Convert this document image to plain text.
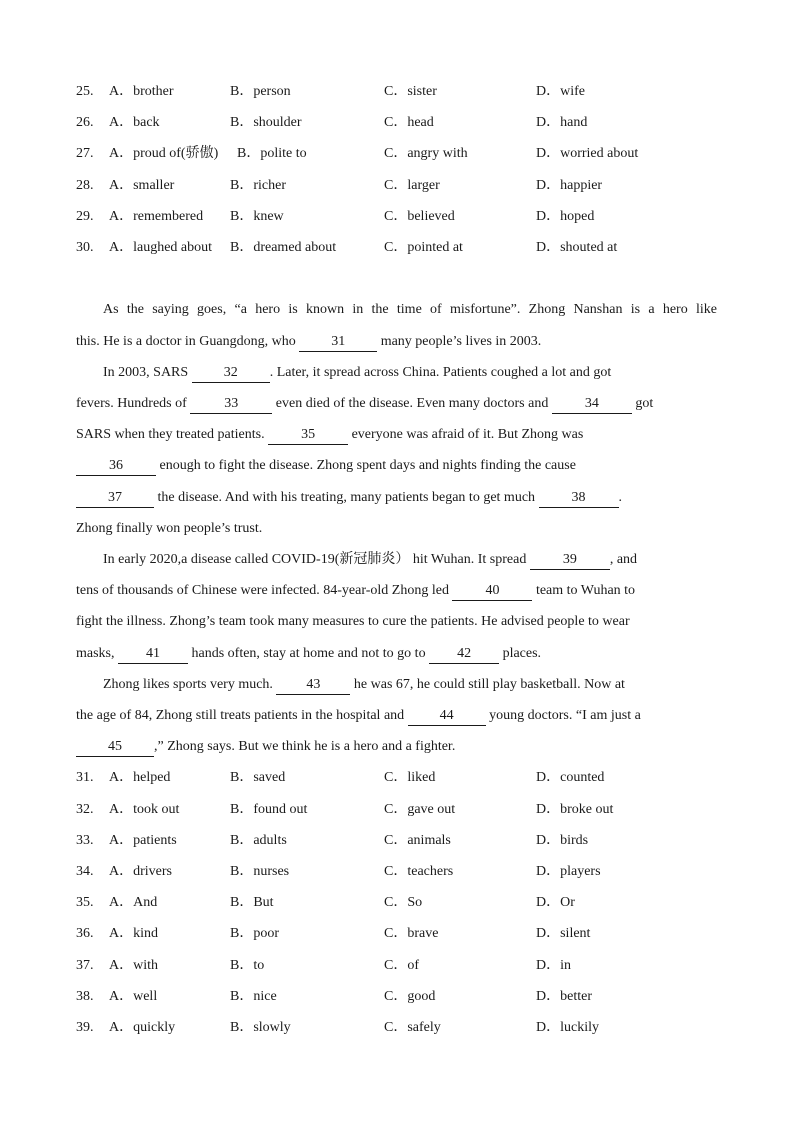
25. A．brother	B．person	C．sister	D．wife
26. A．back	B．shoulder	C．head	D．hand
27. A．proud of(骄傲) B．polite to	C．angry with	D．worried about
28. A．smaller	B．richer	C．larger	D．happier
29. A．remembered B．knew	C．believed	D．hoped
30. A．laughed about B．dreamed about	C．pointed at	D．shouted at
As the saying goes, “a hero is known in the time of misfortune”. Zhong Nanshan is a hero like
this. He is a doctor in Guangdong, who	31	many people’s lives in 2003.
In 2003, SARS	32 . Later, it spread across China. Patients coughed a lot and got
fevers. Hundreds of	33	even died of the disease. Even many doctors and	34	got
SARS when they treated patients.	35	everyone was afraid of it. But Zhong was
36	enough to fight the disease. Zhong spent days and nights finding the cause
37	the disease. And with his treating, many patients began to get much	38 .
Zhong finally won people’s trust.
In early 2020,a disease called COVID-19(新冠肺炎） hit Wuhan. It spread	39 , and
tens of thousands of Chinese were infected. 84-year-old Zhong led	40	team to Wuhan to
fight the illness. Zhong’s team took many measures to cure the patients. He advised people to wear
masks, 41 hands often, stay at home and not to go to 42 places.
Zhong likes sports very much. 43 he was 67, he could still play basketball. Now at
the age of 84, Zhong still treats patients in the hospital and	44	young doctors. “I am just a
45 ,” Zhong says. But we think he is a hero and a fighter.
31. A．helped	B．saved	C．liked	D．counted
32. A．took out	B．found out	C．gave out	D．broke out
33. A．patients	B．adults	C．animals	D．birds
34. A．drivers	B．nurses	C．teachers	D．players
35. A．And	B．But	C．So	D．Or
36. A．kind	B．poor	C．brave	D．silent
37. A．with	B．to	C．of	D．in
38. A．well	B．nice	C．good	D．better
39. A．quickly	B．slowly	C．safely	D．luckily
